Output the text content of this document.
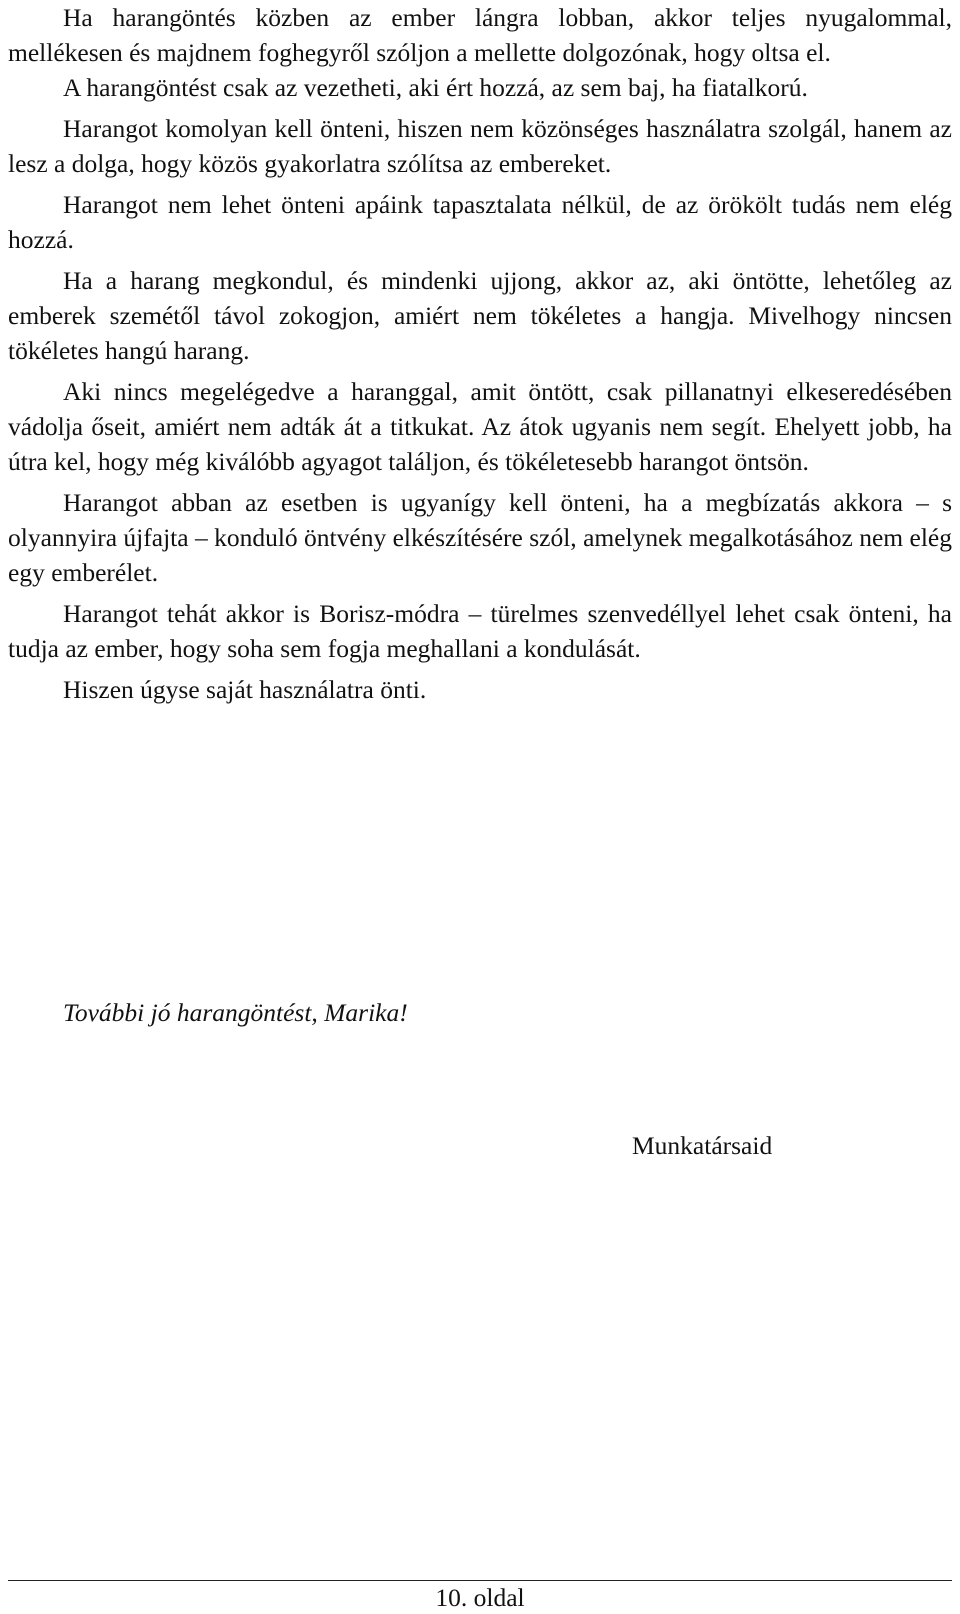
Ha harangöntés közben az ember lángra lobban, akkor teljes nyugalommal, mellékesen és majdnem foghegyről szóljon a mellette dolgozónak, hogy oltsa el.

A harangöntést csak az vezetheti, aki ért hozzá, az sem baj, ha fiatalkorú.

Harangot komolyan kell önteni, hiszen nem közönséges használatra szolgál, hanem az lesz a dolga, hogy közös gyakorlatra szólítsa az embereket.

Harangot nem lehet önteni apáink tapasztalata nélkül, de az örökölt tudás nem elég hozzá.

Ha a harang megkondul, és mindenki ujjong, akkor az, aki öntötte, lehetőleg az emberek szemétől távol zokogjon, amiért nem tökéletes a hangja. Mivelhogy nincsen tökéletes hangú harang.

Aki nincs megelégedve a haranggal, amit öntött, csak pillanatnyi elkeseredésében vádolja őseit, amiért nem adták át a titkukat. Az átok ugyanis nem segít. Ehelyett jobb, ha útra kel, hogy még kiválóbb agyagot találjon, és tökéletesebb harangot öntsön.

Harangot abban az esetben is ugyanígy kell önteni, ha a megbízatás akkora – s olyannyira újfajta – konduló öntvény elkészítésére szól, amelynek megalkotásához nem elég egy emberélet.

Harangot tehát akkor is Borisz-módra – türelmes szenvedéllyel lehet csak önteni, ha tudja az ember, hogy soha sem fogja meghallani a kondulását.

Hiszen úgyse saját használatra önti.

További jó harangöntést, Marika!

Munkatársaid

10. oldal
